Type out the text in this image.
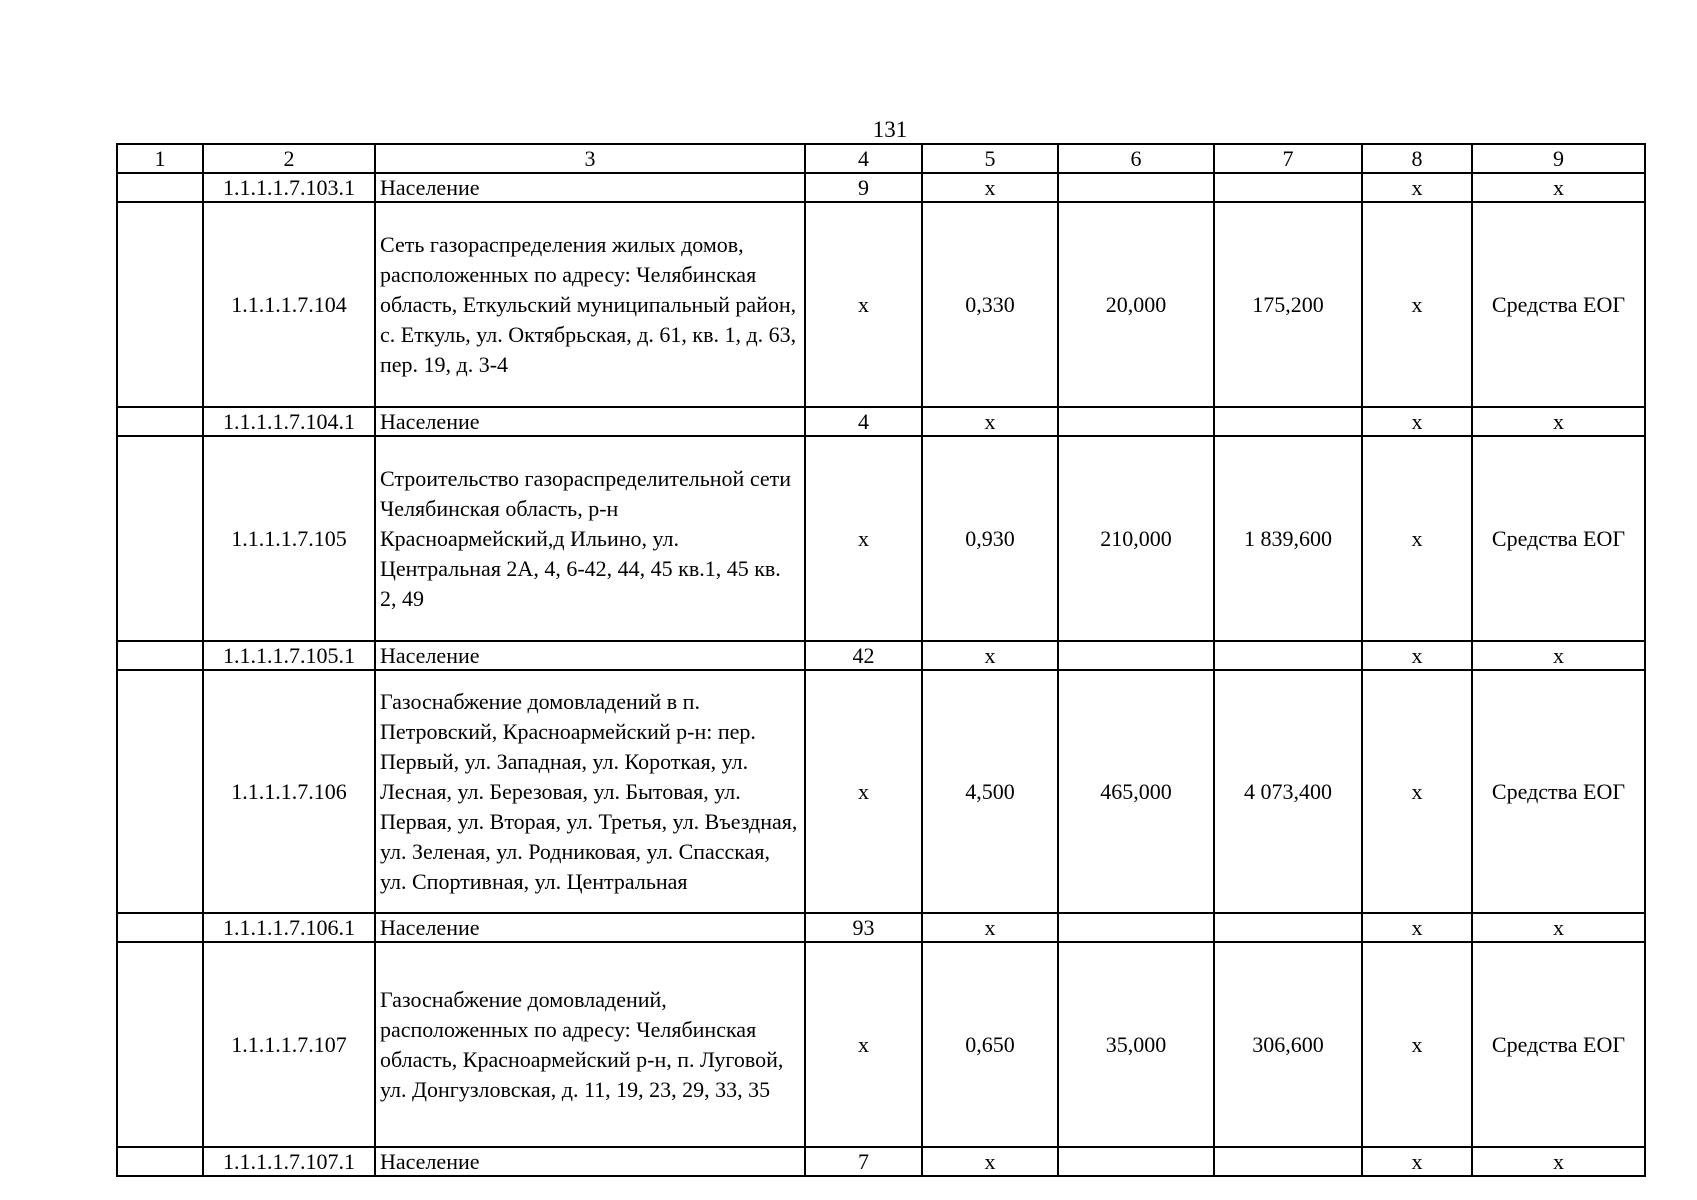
131
1	2	3	4	5	6	7	8	9
	1.1.1.1.7.103.1	Население	9	x			x	x
	1.1.1.1.7.104	Сеть газораспределения жилых домов, расположенных по адресу: Челябинская область, Еткульский муниципальный район, с. Еткуль, ул. Октябрьская, д. 61, кв. 1, д. 63, пер. 19, д. 3-4	x	0,330	20,000	175,200	x	Средства ЕОГ
	1.1.1.1.7.104.1	Население	4	x			x	x
	1.1.1.1.7.105	Строительство газораспределительной сети Челябинская область, р-н Красноармейский,д Ильино, ул. Центральная 2А, 4, 6-42, 44, 45 кв.1, 45 кв. 2, 49	x	0,930	210,000	1 839,600	x	Средства ЕОГ
	1.1.1.1.7.105.1	Население	42	x			x	x
	1.1.1.1.7.106	Газоснабжение домовладений в п. Петровский, Красноармейский р-н: пер. Первый, ул. Западная, ул. Короткая, ул. Лесная, ул. Березовая, ул. Бытовая, ул. Первая, ул. Вторая, ул. Третья, ул. Въездная, ул. Зеленая, ул. Родниковая, ул. Спасская, ул. Спортивная, ул. Центральная	x	4,500	465,000	4 073,400	x	Средства ЕОГ
	1.1.1.1.7.106.1	Население	93	x			x	x
	1.1.1.1.7.107	Газоснабжение домовладений, расположенных по адресу: Челябинская область, Красноармейский р-н, п. Луговой, ул. Донгузловская, д. 11, 19, 23, 29, 33, 35	x	0,650	35,000	306,600	x	Средства ЕОГ
	1.1.1.1.7.107.1	Население	7	x			x	x
